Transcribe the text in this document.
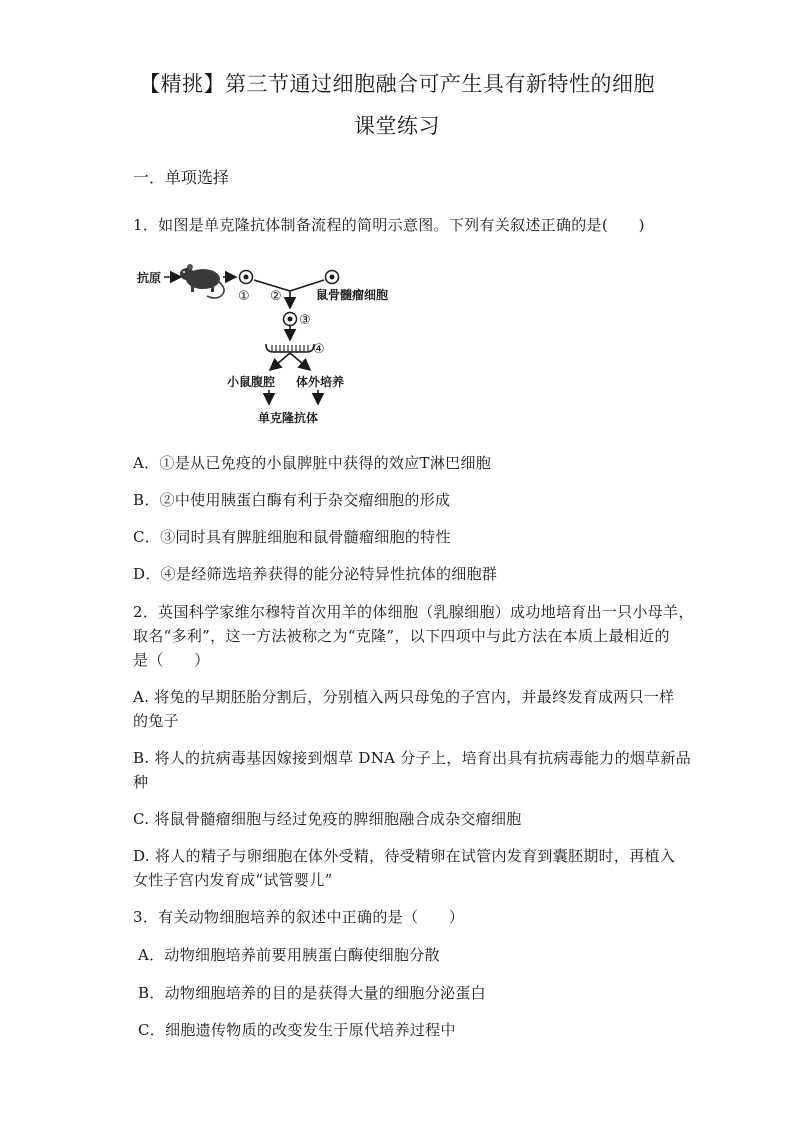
【精挑】第三节通过细胞融合可产生具有新特性的细胞
课堂练习
一．单项选择
1．如图是单克隆抗体制备流程的简明示意图。下列有关叙述正确的是(　　)
抗原
①	鼠骨髓瘤细胞
②
③
④
小鼠腹腔 体外培养
单克隆抗体
A．①是从已免疫的小鼠脾脏中获得的效应T淋巴细胞
B．②中使用胰蛋白酶有利于杂交瘤细胞的形成
C．③同时具有脾脏细胞和鼠骨髓瘤细胞的特性
D．④是经筛选培养获得的能分泌特异性抗体的细胞群
2．英国科学家维尔穆特首次用羊的体细胞（乳腺细胞）成功地培育出一只小母羊，
取名“多利”，这一方法被称之为“克隆”，以下四项中与此方法在本质上最相近的
是（　　）
A. 将兔的早期胚胎分割后，分别植入两只母兔的子宫内，并最终发育成两只一样
的兔子
B. 将人的抗病毒基因嫁接到烟草 DNA 分子上，培育出具有抗病毒能力的烟草新品
种
C. 将鼠骨髓瘤细胞与经过免疫的脾细胞融合成杂交瘤细胞
D. 将人的精子与卵细胞在体外受精，待受精卵在试管内发育到囊胚期时，再植入
女性子宫内发育成“试管婴儿”
3．有关动物细胞培养的叙述中正确的是（　　）
A．动物细胞培养前要用胰蛋白酶使细胞分散
B．动物细胞培养的目的是获得大量的细胞分泌蛋白
C．细胞遗传物质的改变发生于原代培养过程中
